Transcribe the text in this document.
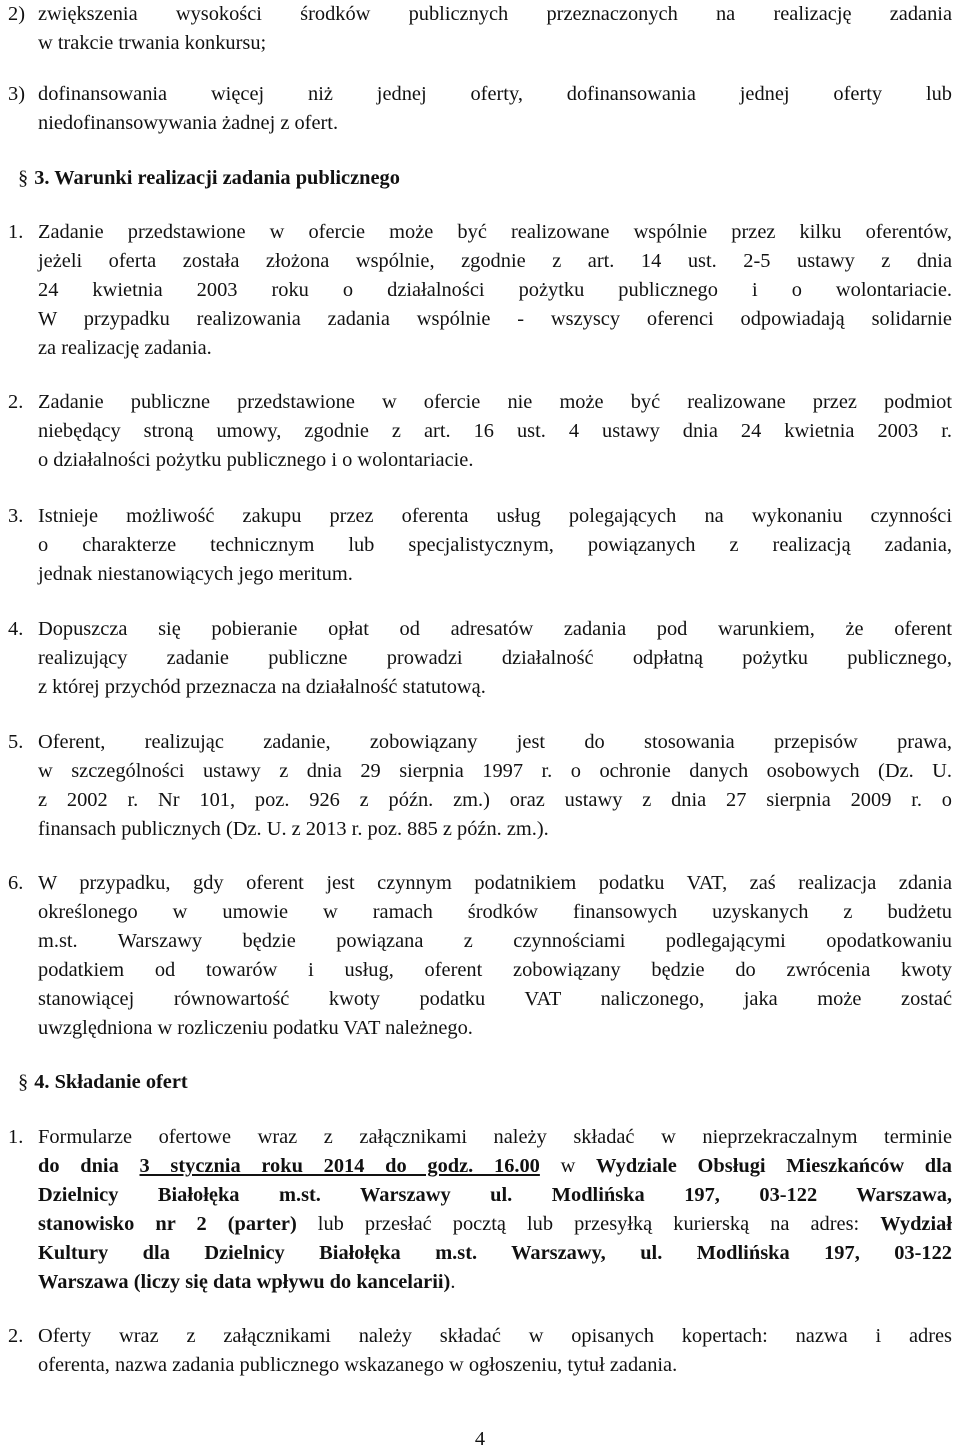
2) zwiększenia wysokości środków publicznych przeznaczonych na realizację zadania
w trakcie trwania konkursu;
3) dofinansowania więcej niż jednej oferty, dofinansowania jednej oferty lub
niedofinansowywania żadnej z ofert.
§ 3. Warunki realizacji zadania publicznego
1. Zadanie przedstawione w ofercie może być realizowane wspólnie przez kilku oferentów,
jeżeli oferta została złożona wspólnie, zgodnie z art. 14 ust. 2-5 ustawy z dnia
24 kwietnia 2003 roku o działalności pożytku publicznego i o wolontariacie.
W przypadku realizowania zadania wspólnie - wszyscy oferenci odpowiadają solidarnie
za realizację zadania.
2. Zadanie publiczne przedstawione w ofercie nie może być realizowane przez podmiot
niebędący stroną umowy, zgodnie z art. 16 ust. 4 ustawy dnia 24 kwietnia 2003 r.
o działalności pożytku publicznego i o wolontariacie.
3. Istnieje możliwość zakupu przez oferenta usług polegających na wykonaniu czynności
o charakterze technicznym lub specjalistycznym, powiązanych z realizacją zadania,
jednak niestanowiących jego meritum.
4. Dopuszcza się pobieranie opłat od adresatów zadania pod warunkiem, że oferent
realizujący zadanie publiczne prowadzi działalność odpłatną pożytku publicznego,
z której przychód przeznacza na działalność statutową.
5. Oferent, realizując zadanie, zobowiązany jest do stosowania przepisów prawa,
w szczególności ustawy z dnia 29 sierpnia 1997 r. o ochronie danych osobowych (Dz. U.
z 2002 r. Nr 101, poz. 926 z późn. zm.) oraz ustawy z dnia 27 sierpnia 2009 r. o
finansach publicznych (Dz. U. z 2013 r. poz. 885 z późn. zm.).
6. W przypadku, gdy oferent jest czynnym podatnikiem podatku VAT, zaś realizacja zdania
określonego w umowie w ramach środków finansowych uzyskanych z budżetu
m.st. Warszawy będzie powiązana z czynnościami podlegającymi opodatkowaniu
podatkiem od towarów i usług, oferent zobowiązany będzie do zwrócenia kwoty
stanowiącej równowartość kwoty podatku VAT naliczonego, jaka może zostać
uwzględniona w rozliczeniu podatku VAT należnego.
§ 4. Składanie ofert
1. Formularze ofertowe wraz z załącznikami należy składać w nieprzekraczalnym terminie
do dnia 3 stycznia roku 2014 do godz. 16.00 w Wydziale Obsługi Mieszkańców dla
Dzielnicy Białołęka m.st. Warszawy ul. Modlińska 197, 03-122 Warszawa,
stanowisko nr 2 (parter) lub przesłać pocztą lub przesyłką kurierską na adres: Wydział
Kultury dla Dzielnicy Białołęka m.st. Warszawy, ul. Modlińska 197, 03-122
Warszawa (liczy się data wpływu do kancelarii).
2. Oferty wraz z załącznikami należy składać w opisanych kopertach: nazwa i adres
oferenta, nazwa zadania publicznego wskazanego w ogłoszeniu, tytuł zadania.
4
